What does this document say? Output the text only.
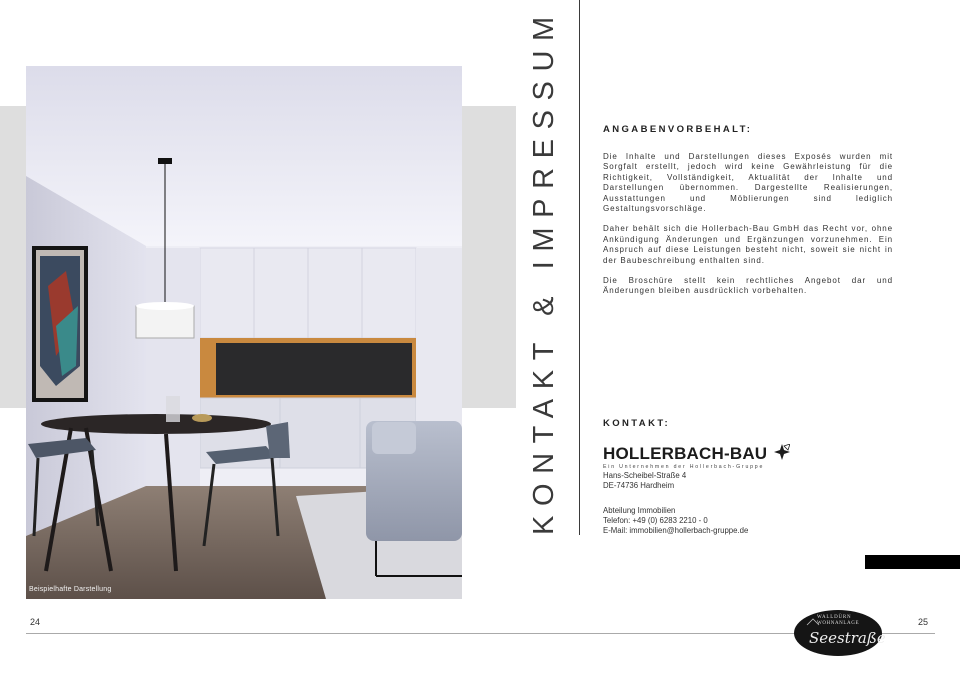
Beispielhafte Darstellung
KONTAKT & IMPRESSUM	ANGABENVORBEHALT:

Die Inhalte und Darstellungen dieses Exposés wurden mit Sorgfalt erstellt, jedoch wird keine Gewährleistung für die Richtigkeit, Vollständigkeit, Aktualität der Inhalte und Darstellungen übernommen. Dargestellte Realisierungen, Ausstattungen und Möblierungen sind lediglich Gestaltungsvorschläge.

Daher behält sich die Hollerbach-Bau GmbH das Recht vor, ohne Ankündigung Änderungen und Ergänzungen vorzunehmen. Ein Anspruch auf diese Leistungen besteht nicht, soweit sie nicht in der Baubeschreibung enthalten sind.

Die Broschüre stellt kein rechtliches Angebot dar und Änderungen bleiben ausdrücklich vorbehalten.

KONTAKT:
HOLLERBACH-BAU
Ein Unternehmen der Hollerbach-Gruppe
Hans-Scheibel-Straße 4
DE-74736 Hardheim
Abteilung Immobilien
Telefon: +49 (0) 6283 2210 - 0
E-Mail: immobilien@hollerbach-gruppe.de
24	25
WALLDÜRN
WOHNANLAGE
Seestraße
